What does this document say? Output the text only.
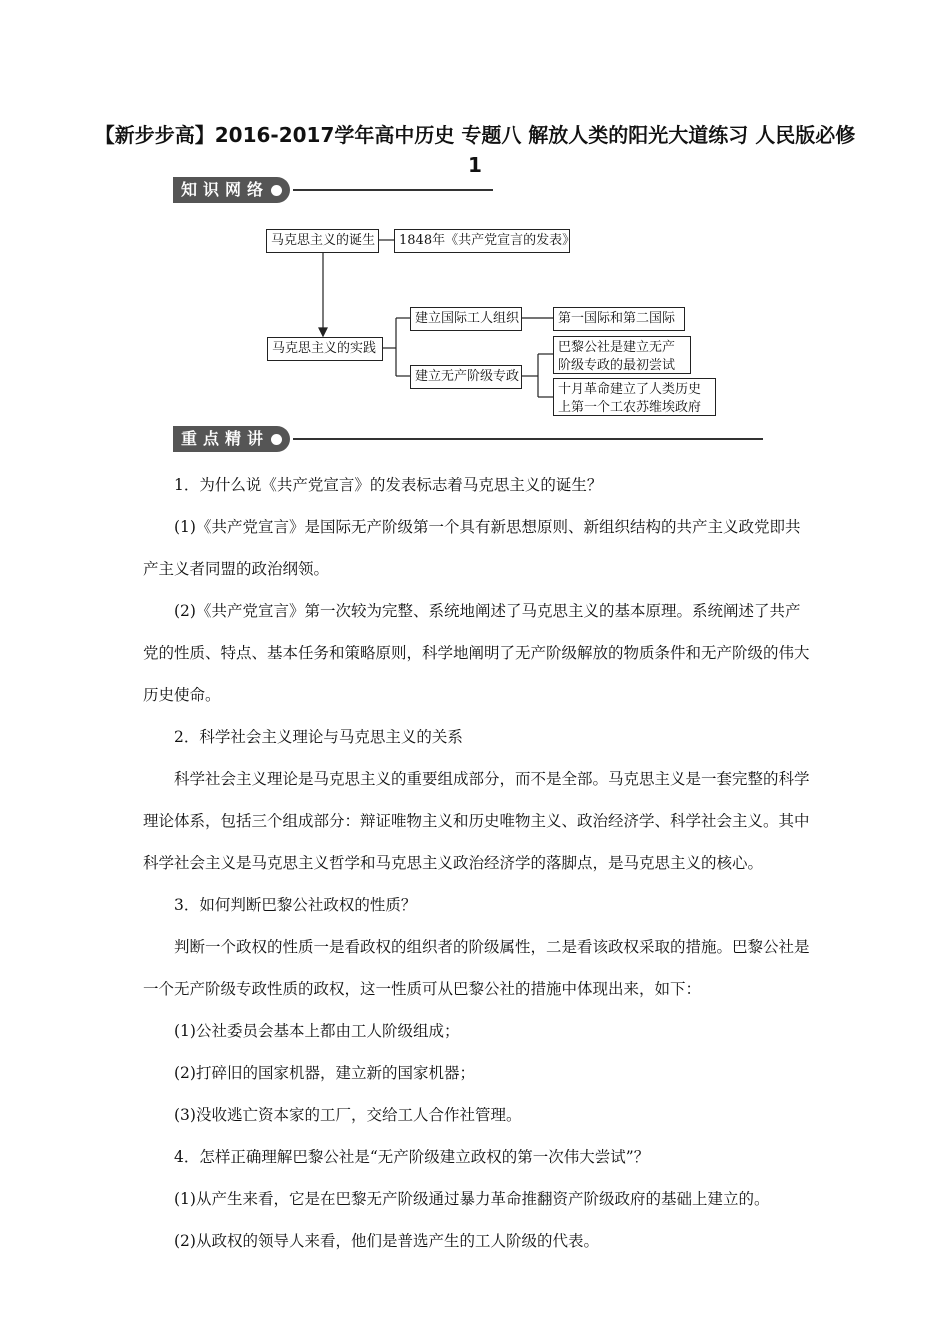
【新步步高】2016-2017学年高中历史 专题八 解放人类的阳光大道练习 人民版必修1
知识网络
马克思主义的诞生	1848年《共产党宣言的发表》
马克思主义的实践
建立国际工人组织	第一国际和第二国际
建立无产阶级专政
巴黎公社是建立无产阶级专政的最初尝试
十月革命建立了人类历史上第一个工农苏维埃政府
重点精讲

1．为什么说《共产党宣言》的发表标志着马克思主义的诞生？

(1)《共产党宣言》是国际无产阶级第一个具有新思想原则、新组织结构的共产主义政党即共产主义者同盟的政治纲领。

(2)《共产党宣言》第一次较为完整、系统地阐述了马克思主义的基本原理。系统阐述了共产党的性质、特点、基本任务和策略原则，科学地阐明了无产阶级解放的物质条件和无产阶级的伟大历史使命。

2．科学社会主义理论与马克思主义的关系

科学社会主义理论是马克思主义的重要组成部分，而不是全部。马克思主义是一套完整的科学理论体系，包括三个组成部分：辩证唯物主义和历史唯物主义、政治经济学、科学社会主义。其中科学社会主义是马克思主义哲学和马克思主义政治经济学的落脚点，是马克思主义的核心。

3．如何判断巴黎公社政权的性质？

判断一个政权的性质一是看政权的组织者的阶级属性，二是看该政权采取的措施。巴黎公社是一个无产阶级专政性质的政权，这一性质可从巴黎公社的措施中体现出来，如下：

(1)公社委员会基本上都由工人阶级组成；

(2)打碎旧的国家机器，建立新的国家机器；

(3)没收逃亡资本家的工厂，交给工人合作社管理。

4．怎样正确理解巴黎公社是“无产阶级建立政权的第一次伟大尝试”？

(1)从产生来看，它是在巴黎无产阶级通过暴力革命推翻资产阶级政府的基础上建立的。

(2)从政权的领导人来看，他们是普选产生的工人阶级的代表。
